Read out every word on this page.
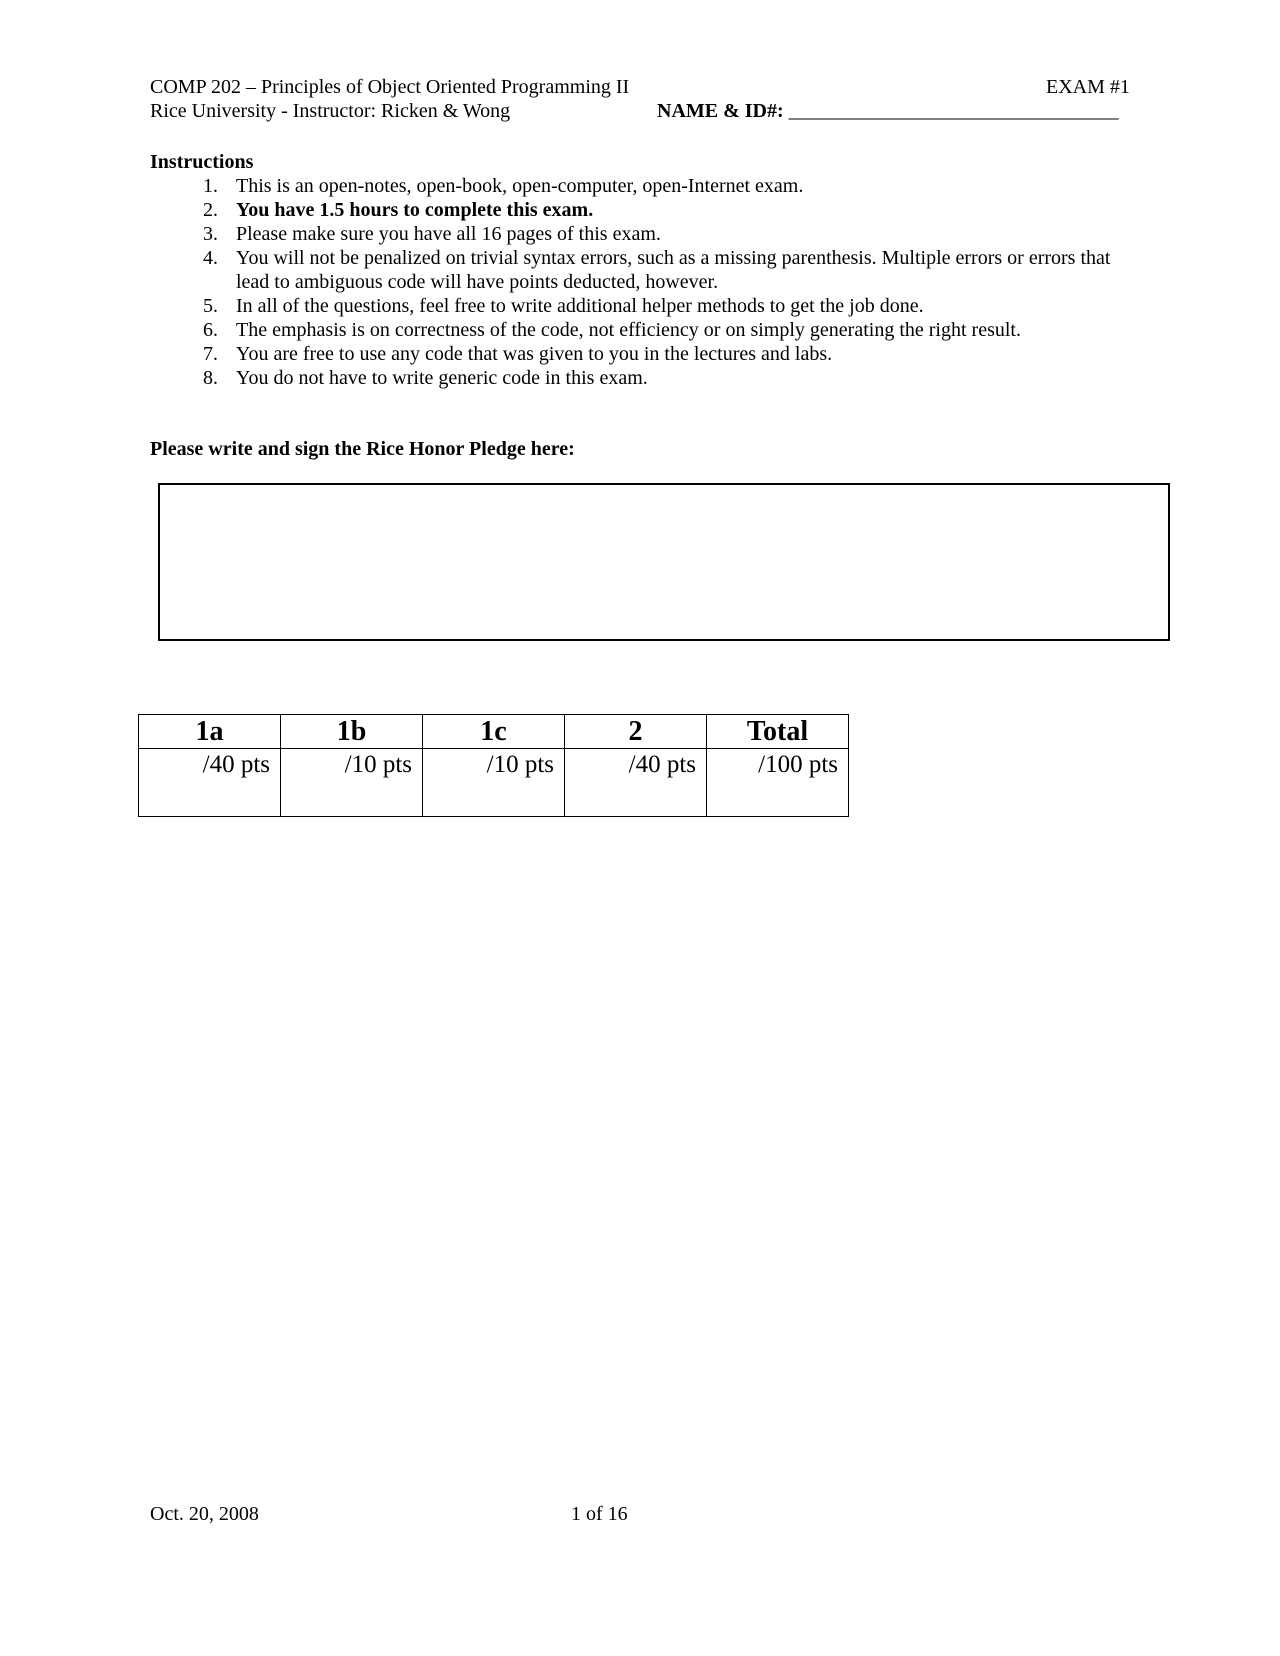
COMP 202 – Principles of Object Oriented Programming II	EXAM #1
Rice University - Instructor: Ricken & Wong	NAME & ID#: _________________________________
Instructions
1. This is an open-notes, open-book, open-computer, open-Internet exam.
2. You have 1.5 hours to complete this exam.
3. Please make sure you have all 16 pages of this exam.
4. You will not be penalized on trivial syntax errors, such as a missing parenthesis. Multiple errors or errors that lead to ambiguous code will have points deducted, however.
5. In all of the questions, feel free to write additional helper methods to get the job done.
6. The emphasis is on correctness of the code, not efficiency or on simply generating the right result.
7. You are free to use any code that was given to you in the lectures and labs.
8. You do not have to write generic code in this exam.
Please write and sign the Rice Honor Pledge here:
1a	1b	1c	2	Total
/40 pts	/10 pts	/10 pts	/40 pts	/100 pts
Oct. 20, 2008	1 of 16
